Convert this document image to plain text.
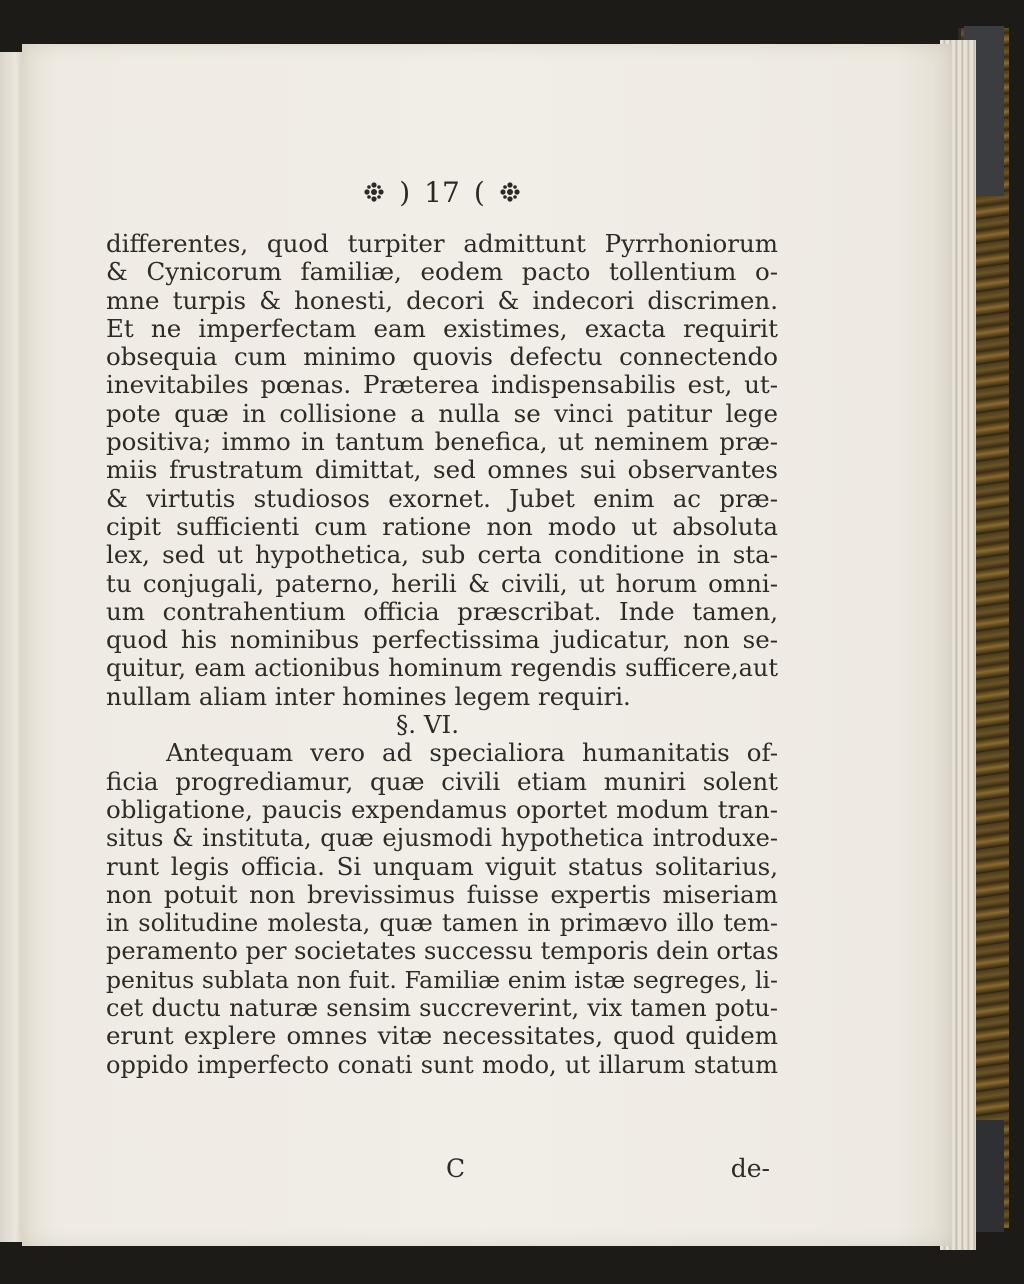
) 17 (
differentes, quod turpiter admittunt Pyrrhoniorum
& Cynicorum familiæ, eodem pacto tollentium o-
mne turpis & honesti, decori & indecori discrimen.
Et ne imperfectam eam existimes, exacta requirit
obsequia cum minimo quovis defectu connectendo
inevitabiles pœnas. Præterea indispensabilis est, ut-
pote quæ in collisione a nulla se vinci patitur lege
positiva; immo in tantum benefica, ut neminem præ-
miis frustratum dimittat, sed omnes sui observantes
& virtutis studiosos exornet. Jubet enim ac præ-
cipit sufficienti cum ratione non modo ut absoluta
lex, sed ut hypothetica, sub certa conditione in sta-
tu conjugali, paterno, herili & civili, ut horum omni-
um contrahentium officia præscribat. Inde tamen,
quod his nominibus perfectissima judicatur, non se-
quitur, eam actionibus hominum regendis sufficere,aut
nullam aliam inter homines legem requiri.
§. VI.
Antequam vero ad specialiora humanitatis of-
ficia progrediamur, quæ civili etiam muniri solent
obligatione, paucis expendamus oportet modum tran-
situs & instituta, quæ ejusmodi hypothetica introduxe-
runt legis officia. Si unquam viguit status solitarius,
non potuit non brevissimus fuisse expertis miseriam
in solitudine molesta, quæ tamen in primævo illo tem-
peramento per societates successu temporis dein ortas
penitus sublata non fuit. Familiæ enim istæ segreges, li-
cet ductu naturæ sensim succreverint, vix tamen potu-
erunt explere omnes vitæ necessitates, quod quidem
oppido imperfecto conati sunt modo, ut illarum statum
C	de-
